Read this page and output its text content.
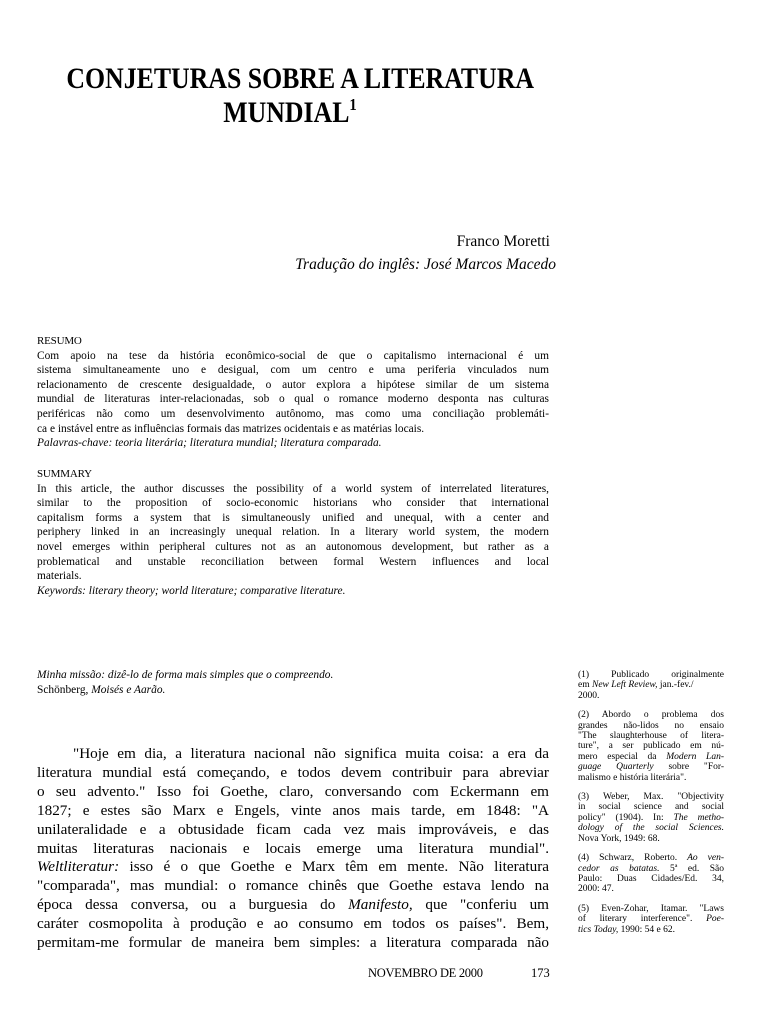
CONJETURAS SOBRE A LITERATURA
MUNDIAL$^1$
Franco Moretti
Tradução do inglês: José Marcos Macedo
RESUMO
Com apoio na tese da história econômico-social de que o capitalismo internacional é um
sistema simultaneamente uno e desigual, com um centro e uma periferia vinculados num
relacionamento de crescente desigualdade, o autor explora a hipótese similar de um sistema
mundial de literaturas inter-relacionadas, sob o qual o romance moderno desponta nas culturas
periféricas não como um desenvolvimento autônomo, mas como uma conciliação problemáti-
ca e instável entre as influências formais das matrizes ocidentais e as matérias locais.
Palavras-chave: teoria literária; literatura mundial; literatura comparada.
SUMMARY
In this article, the author discusses the possibility of a world system of interrelated literatures,
similar to the proposition of socio-economic historians who consider that international
capitalism forms a system that is simultaneously unified and unequal, with a center and
periphery linked in an increasingly unequal relation. In a literary world system, the modern
novel emerges within peripheral cultures not as an autonomous development, but rather as a
problematical and unstable reconciliation between formal Western influences and local
materials.
Keywords: literary theory; world literature; comparative literature.
Minha missão: dizê-lo de forma mais simples que o compreendo.
Schönberg, Moisés e Aarão.
"Hoje em dia, a literatura nacional não significa muita coisa: a era da
literatura mundial está começando, e todos devem contribuir para abreviar
o seu advento." Isso foi Goethe, claro, conversando com Eckermann em
1827; e estes são Marx e Engels, vinte anos mais tarde, em 1848: "A
unilateralidade e a obtusidade ficam cada vez mais improváveis, e das
muitas literaturas nacionais e locais emerge uma literatura mundial".
Weltliteratur: isso é o que Goethe e Marx têm em mente. Não literatura
"comparada", mas mundial: o romance chinês que Goethe estava lendo na
época dessa conversa, ou a burguesia do Manifesto, que "conferiu um
caráter cosmopolita à produção e ao consumo em todos os países". Bem,
permitam-me formular de maneira bem simples: a literatura comparada não
(1) Publicado originalmente
em New Left Review, jan.-fev./
2000.
(2) Abordo o problema dos
grandes não-lidos no ensaio
"The slaughterhouse of litera-
ture", a ser publicado em nú-
mero especial da Modern Lan-
guage Quarterly sobre "For-
malismo e história literária".
(3) Weber, Max. "Objectivity
in social science and social
policy" (1904). In: The metho-
dology of the social Sciences.
Nova York, 1949: 68.
(4) Schwarz, Roberto. Ao ven-
cedor as batatas. 5ª ed. São
Paulo: Duas Cidades/Ed. 34,
2000: 47.
(5) Even-Zohar, Itamar. "Laws
of literary interference". Poe-
tics Today, 1990: 54 e 62.
NOVEMBRO DE 2000	173
